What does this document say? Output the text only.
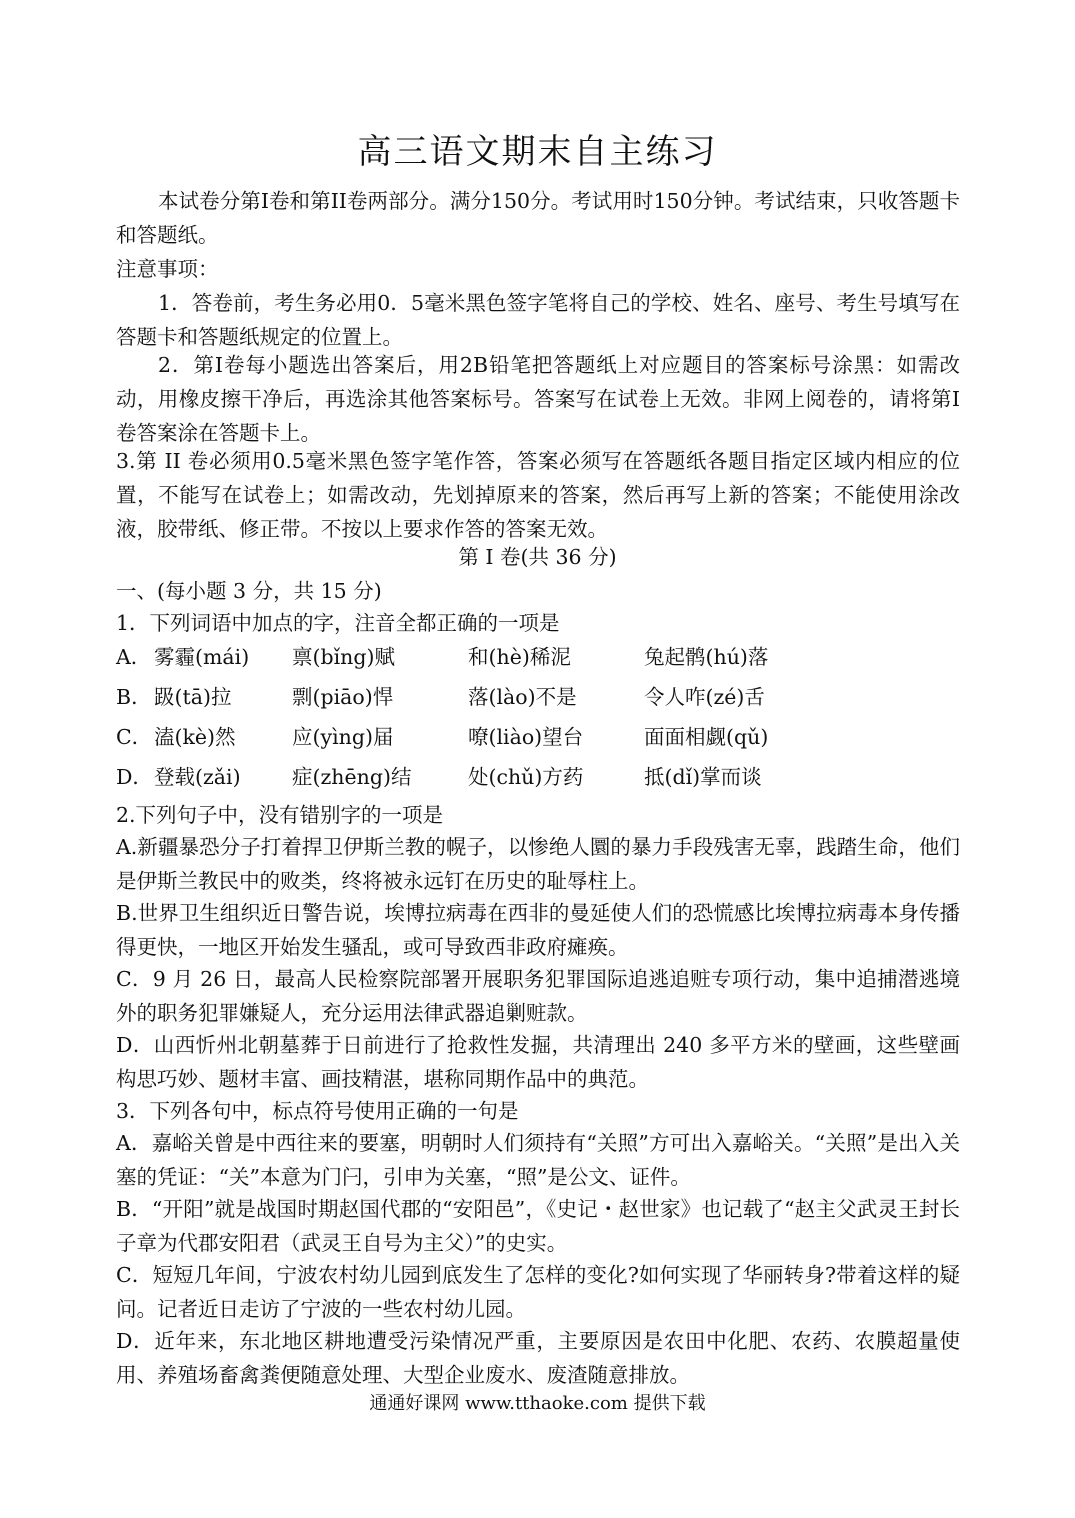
高三语文期末自主练习
本试卷分第I卷和第II卷两部分。满分150分。考试用时150分钟。考试结束，只收答题卡和答题纸。
注意事项：
1．答卷前，考生务必用0．5毫米黑色签字笔将自己的学校、姓名、座号、考生号填写在答题卡和答题纸规定的位置上。
2．第I卷每小题选出答案后，用2B铅笔把答题纸上对应题目的答案标号涂黑：如需改动，用橡皮擦干净后，再选涂其他答案标号。答案写在试卷上无效。非网上阅卷的，请将第I卷答案涂在答题卡上。
3.第 II 卷必须用0.5毫米黑色签字笔作答，答案必须写在答题纸各题目指定区域内相应的位置，不能写在试卷上；如需改动，先划掉原来的答案，然后再写上新的答案；不能使用涂改液，胶带纸、修正带。不按以上要求作答的答案无效。
第 I 卷(共 36 分)
一、(每小题 3 分，共 15 分)
1．下列词语中加点的字，注音全都正确的一项是
A． 雾霾(mái) 禀(bǐng)赋	和(hè)稀泥	兔起鹘(hú)落
B． 趿(tā)拉	剽(piāo)悍	落(lào)不是	令人咋(zé)舌
C． 溘(kè)然	应(yìng)届	嘹(liào)望台	面面相觑(qǔ)
D． 登载(zǎi)	症(zhēng)结	处(chǔ)方药	抵(dǐ)掌而谈
2.下列句子中，没有错别字的一项是
A.新疆暴恐分子打着捍卫伊斯兰教的幌子，以惨绝人圜的暴力手段残害无辜，践踏生命，他们是伊斯兰教民中的败类，终将被永远钉在历史的耻辱柱上。
B.世界卫生组织近日警告说，埃博拉病毒在西非的曼延使人们的恐慌感比埃博拉病毒本身传播得更快，一地区开始发生骚乱，或可导致西非政府瘫痪。
C．9 月 26 日，最高人民检察院部署开展职务犯罪国际追逃追赃专项行动，集中追捕潜逃境外的职务犯罪嫌疑人，充分运用法律武器追剿赃款。
D．山西忻州北朝墓葬于日前进行了抢救性发掘，共清理出 240 多平方米的壁画，这些壁画构思巧妙、题材丰富、画技精湛，堪称同期作品中的典范。
3．下列各句中，标点符号使用正确的一句是
A．嘉峪关曾是中西往来的要塞，明朝时人们须持有“关照”方可出入嘉峪关。“关照”是出入关塞的凭证：“关”本意为门闩，引申为关塞，“照”是公文、证件。
B．“开阳”就是战国时期赵国代郡的“安阳邑”，《史记・赵世家》也记载了“赵主父武灵王封长子章为代郡安阳君（武灵王自号为主父）”的史实。
C．短短几年间，宁波农村幼儿园到底发生了怎样的变化?如何实现了华丽转身?带着这样的疑问。记者近日走访了宁波的一些农村幼儿园。
D．近年来，东北地区耕地遭受污染情况严重，主要原因是农田中化肥、农药、农膜超量使用、养殖场畜禽粪便随意处理、大型企业废水、废渣随意排放。
通通好课网 www.tthaoke.com 提供下载
